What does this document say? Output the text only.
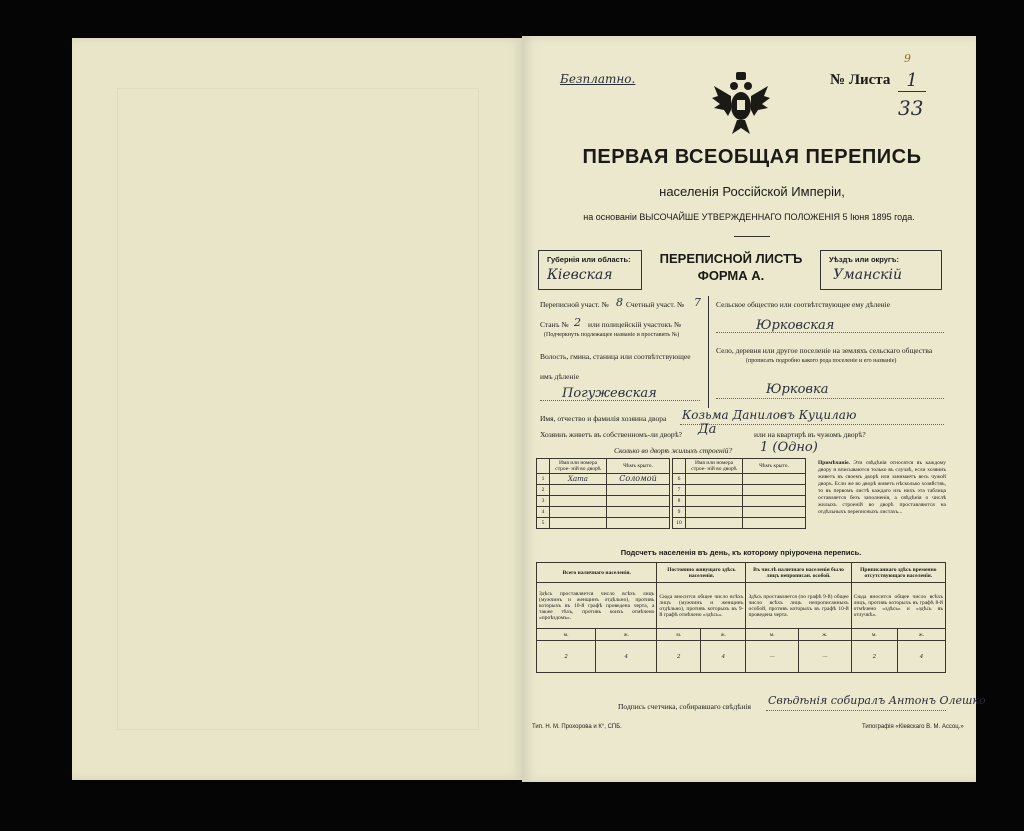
Безплатно.	№ Листа 1
33
9
ПЕРВАЯ ВСЕОБЩАЯ ПЕРЕПИСЬ
населенія Россійской Имперіи,
на основаніи ВЫСОЧАЙШЕ УТВЕРЖДЕННАГО ПОЛОЖЕНІЯ 5 Іюня 1895 года.
Губернія или область:
Кіевская
ПЕРЕПИСНОЙ ЛИСТЪ
ФОРМА А.
Уѣздъ или округъ:
Уманскій
Переписной участ. № 8 Счетный участ. № 7
Станъ № 2 или полицейскій участокъ №
(Подчеркнуть подлежащее названіе и проставить №)
Волость, гмина, станица или соотвѣтствующее
имъ дѣленіе
Погужевская
Сельское общество или соотвѣтствующее ему дѣленіе
Юрковская
Село, деревня или другое поселеніе на земляхъ сельскаго общества
(прописать подробно какого рода поселеніе и его названіе)
Юрковка
Имя, отчество и фамилія хозяина двора Козьма Даниловъ Куцилаю
Хозяинъ живетъ въ собственномъ-ли дворѣ? Да	или на квартирѣ въ чужомъ дворѣ?
Сколько во дворѣ жилыхъ строеній? 1 (Одно)
	Имя или номера строе- ній во дворѣ	Чѣмъ крыто.
1	Хата	Соломой
2		
3		
4		
5		
	Имя или номера строе- ній во дворѣ	Чѣмъ крыто.
6		
7		
8		
9		
10		
Примѣчаніе. Эти свѣдѣнія относятся въ каждому двору и вписываются только въ случаѣ, если хозяинъ живетъ въ своемъ дворѣ или занимаетъ весь чужой дворъ. Если же во дворѣ живетъ нѣсколько хозяйствъ, то въ первомъ листѣ каждаго изъ нихъ эта таблица оставляется безъ заполненія, а свѣдѣнія о числѣ жилыхъ строеній во дворѣ проставляются на отдѣльныхъ переписныхъ листахъ...
Подсчетъ населенія въ день, къ которому пріурочена перепись.
Всего наличнаго населенія.		Постоянно живущаго здѣсь населенія.		Въ числѣ наличнаго населенія было лицъ непрописан. особой.		Приписаннаго здѣсь временно отсутствующаго населенія.	
Здѣсь проставляется число всѣхъ лицъ (мужчинъ и женщинъ отдѣльно), противъ которыхъ въ 10-й графѣ проведена черта, а также тѣхъ, противъ коихъ отмѣчено «проѣздомъ».		Сюда вносится общее число всѣхъ лицъ (мужчинъ и женщинъ отдѣльно), противъ которыхъ въ 9-й графѣ отмѣчено «здѣсь».		Здѣсь проставляется (по графѣ 9-й) общее число всѣхъ лицъ непрописанныхъ особой, противъ которыхъ въ графѣ 10-й проведена черта.		Сюда вносится общее число всѣхъ лицъ, противъ которыхъ въ графѣ 8-й отмѣчено «здѣсь» и «здѣсь въ отлучкѣ».	
м.	ж.	м.	ж.	м.	ж.	м.	ж.
2	4	2	4	—	—	2	4
Подпись счетчика, собиравшаго свѣдѣнія Свѣдѣнія собиралъ Антонъ Олешко
Тип. Н. М. Прохорова и К°, СПБ.	Типографія «Кіевскаго В. М. Ассоц.»
